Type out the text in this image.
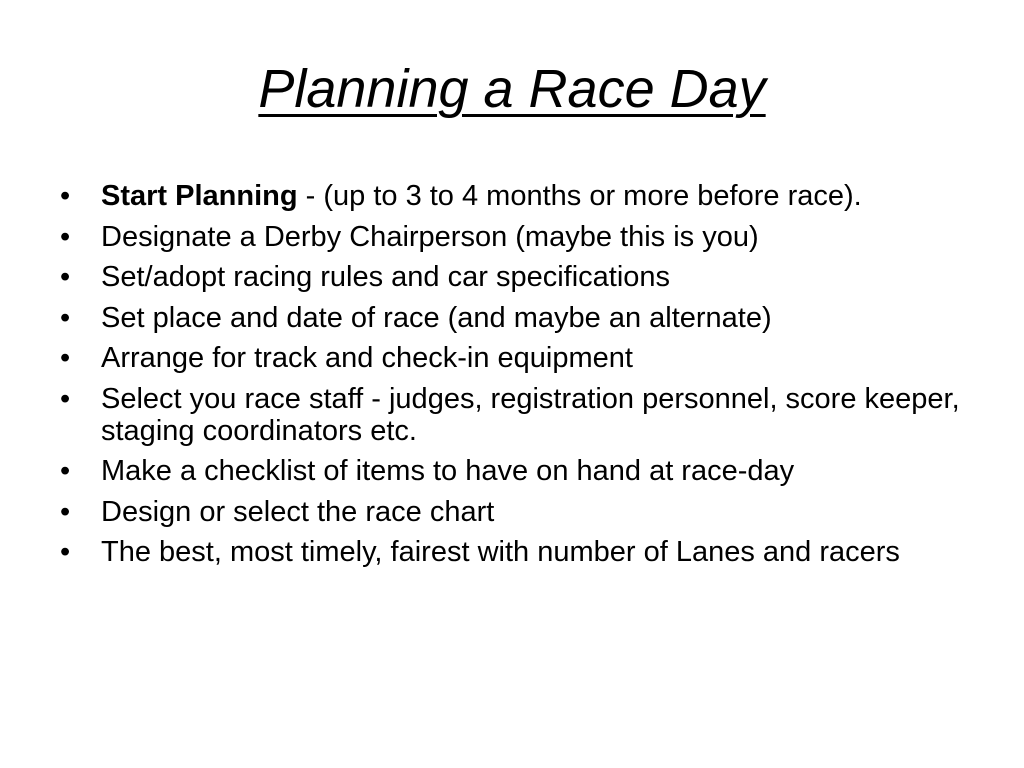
Planning a Race Day
•	Start Planning - (up to 3 to 4 months or more before race).
•	Designate a Derby Chairperson (maybe this is you)
•	Set/adopt racing rules and car specifications
•	Set place and date of race (and maybe an alternate)
•	Arrange for track and check-in equipment
•	Select you race staff - judges, registration personnel, score keeper, staging coordinators etc.
•	Make a checklist of items to have on hand at race-day
•	Design or select the race chart
•	The best, most timely, fairest with number of Lanes and racers
